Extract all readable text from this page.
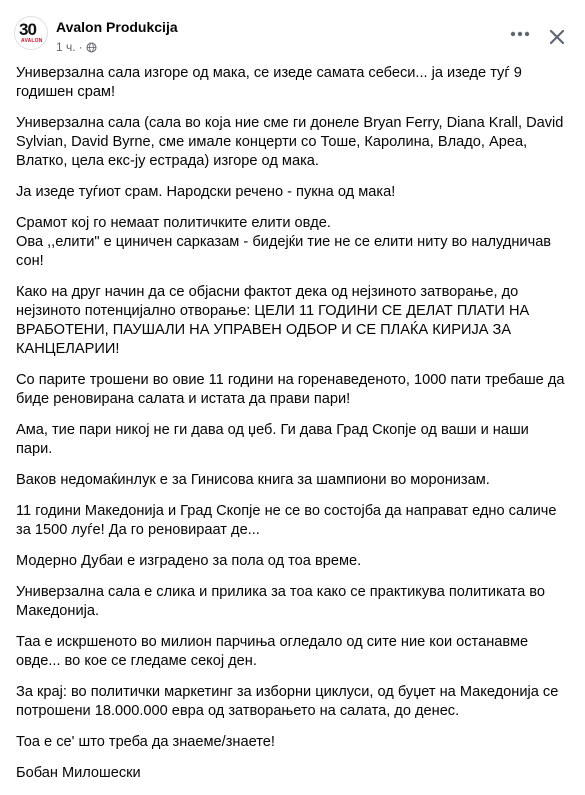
30
AVALON
Avalon Produkcija
1 ч. ·

Универзална сала изгоре од мака, се изеде самата себеси... ја изеде туѓ 9 годишен срам!

Универзална сала (сала во која ние сме ги донеле Bryan Ferry, Diana Krall, David Sylvian, David Byrne, сме имале концерти со Тоше, Каролина, Владо, Ареа, Влатко, цела екс-ју естрада) изгоре од мака.

Ја изеде туѓиот срам. Народски речено - пукна од мака!

Срамот кој го немаат политичките елити овде.
Ова ,,елити" е циничен сарказам - бидејќи тие не се елити ниту во налудничав сон!

Како на друг начин да се објасни фактот дека од нејзиното затворање, до нејзиното потенцијално отворање: ЦЕЛИ 11 ГОДИНИ СЕ ДЕЛАТ ПЛАТИ НА ВРАБОТЕНИ, ПАУШАЛИ НА УПРАВЕН ОДБОР И СЕ ПЛАЌА КИРИЈА ЗА КАНЦЕЛАРИИ!

Со парите трошени во овие 11 години на горенаведеното, 1000 пати требаше да биде реновирана салата и истата да прави пари!

Ама, тие пари никој не ги дава од џеб. Ги дава Град Скопје од ваши и наши пари.

Ваков недомаќинлук е за Гинисова книга за шампиони во моронизам.

11 години Македонија и Град Скопје не се во состојба да направат едно саличе за 1500 луѓе! Да го реновираат де...

Модерно Дубаи е изградено за пола од тоа време.

Универзална сала е слика и прилика за тоа како се практикува политиката во Македонија.

Таа е искршеното во милион парчиња огледало од сите ние кои останавме овде... во кое се гледаме секој ден.

За крај: во политички маркетинг за изборни циклуси, од буџет на Македонија се потрошени 18.000.000 евра од затворањето на салата, до денес.

Тоа е се' што треба да знаеме/знаете!

Бобан Милошески
